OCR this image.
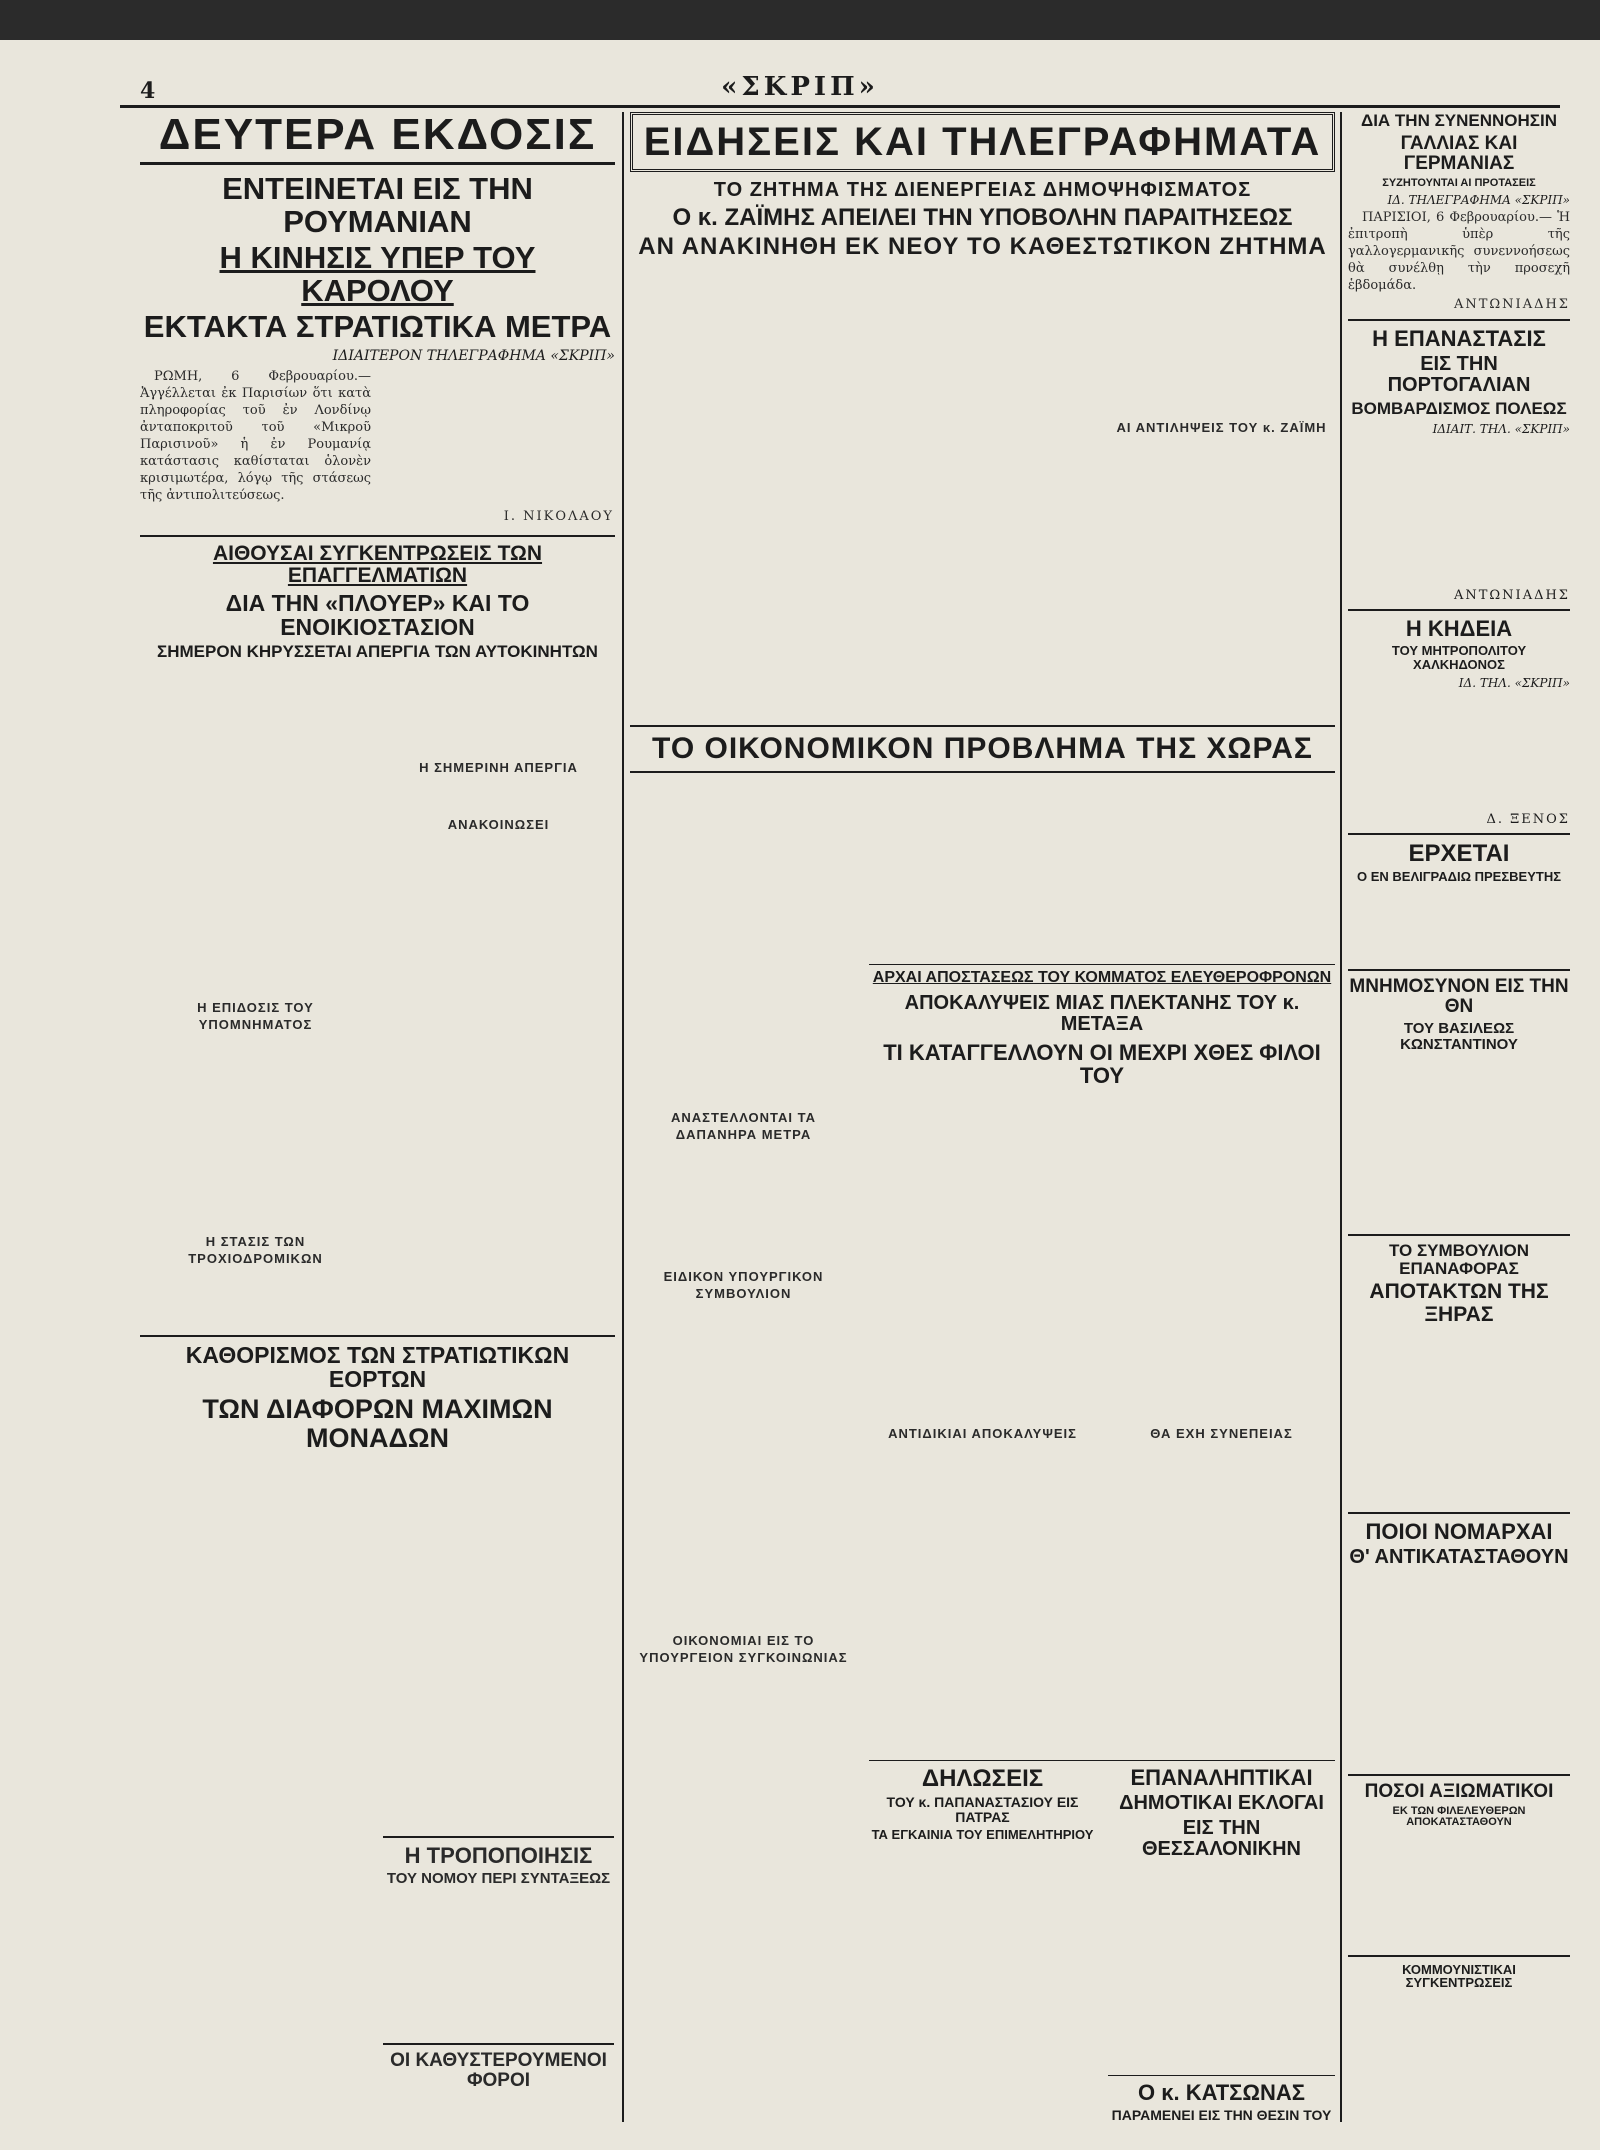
4	«ΣΚΡΙΠ»
ΔΕΥΤΕΡΑ ΕΚΔΟΣΙΣ
ΕΝΤΕΙΝΕΤΑΙ ΕΙΣ ΤΗΝ ΡΟΥΜΑΝΙΑΝ
Η ΚΙΝΗΣΙΣ ΥΠΕΡ ΤΟΥ ΚΑΡΟΛΟΥ
ΕΚΤΑΚΤΑ ΣΤΡΑΤΙΩΤΙΚΑ ΜΕΤΡΑ
ΙΔΙΑΙΤΕΡΟΝ ΤΗΛΕΓΡΑΦΗΜΑ «ΣΚΡΙΠ»

ΡΩΜΗ, 6 Φεβρουαρίου.— Ἀγγέλλεται ἐκ Παρισίων ὅτι κατὰ πληροφορίας τοῦ ἐν Λονδίνῳ ἀνταποκριτοῦ τοῦ «Μικροῦ Παρισινοῦ» ἡ ἐν Ρουμανίᾳ κατάστασις καθίσταται ὁλονὲν κρισιμωτέρα, λόγῳ τῆς στάσεως τῆς ἀντιπολιτεύσεως.

Ι. ΝΙΚΟΛΑΟΥ
ΑΙΘΟΥΣΑΙ ΣΥΓΚΕΝΤΡΩΣΕΙΣ ΤΩΝ ΕΠΑΓΓΕΛΜΑΤΙΩΝ
ΔΙΑ ΤΗΝ «ΠΛΟΥΕΡ» ΚΑΙ ΤΟ ΕΝΟΙΚΙΟΣΤΑΣΙΟΝ
ΣΗΜΕΡΟΝ ΚΗΡΥΣΣΕΤΑΙ ΑΠΕΡΓΙΑ ΤΩΝ ΑΥΤΟΚΙΝΗΤΩΝ
Η ΕΠΙΔΟΣΙΣ ΤΟΥ ΥΠΟΜΝΗΜΑΤΟΣ
Η ΣΤΑΣΙΣ ΤΩΝ ΤΡΟΧΙΟΔΡΟΜΙΚΩΝ
Η ΣΗΜΕΡΙΝΗ ΑΠΕΡΓΙΑ
ΑΝΑΚΟΙΝΩΣΕΙ
ΚΑΘΟΡΙΣΜΟΣ ΤΩΝ ΣΤΡΑΤΙΩΤΙΚΩΝ ΕΟΡΤΩΝ
ΤΩΝ ΔΙΑΦΟΡΩΝ ΜΑΧΙΜΩΝ ΜΟΝΑΔΩΝ
Η ΤΡΟΠΟΠΟΙΗΣΙΣ
ΤΟΥ ΝΟΜΟΥ ΠΕΡΙ ΣΥΝΤΑΞΕΩΣ
ΟΙ ΚΑΘΥΣΤΕΡΟΥΜΕΝΟΙ ΦΟΡΟΙ
ΕΙΔΗΣΕΙΣ ΚΑΙ ΤΗΛΕΓΡΑΦΗΜΑΤΑ
ΤΟ ΖΗΤΗΜΑ ΤΗΣ ΔΙΕΝΕΡΓΕΙΑΣ ΔΗΜΟΨΗΦΙΣΜΑΤΟΣ
Ο κ. ΖΑΪΜΗΣ ΑΠΕΙΛΕΙ ΤΗΝ ΥΠΟΒΟΛΗΝ ΠΑΡΑΙΤΗΣΕΩΣ
ΑΝ ΑΝΑΚΙΝΗΘΗ ΕΚ ΝΕΟΥ ΤΟ ΚΑΘΕΣΤΩΤΙΚΟΝ ΖΗΤΗΜΑ
ΑΙ ΑΝΤΙΛΗΨΕΙΣ ΤΟΥ κ. ΖΑΪΜΗ
ΤΟ ΟΙΚΟΝΟΜΙΚΟΝ ΠΡΟΒΛΗΜΑ ΤΗΣ ΧΩΡΑΣ
ΑΝΑΣΤΕΛΛΟΝΤΑΙ ΤΑ ΔΑΠΑΝΗΡΑ ΜΕΤΡΑ
ΕΙΔΙΚΟΝ ΥΠΟΥΡΓΙΚΟΝ ΣΥΜΒΟΥΛΙΟΝ
ΟΙΚΟΝΟΜΙΑΙ ΕΙΣ ΤΟ ΥΠΟΥΡΓΕΙΟΝ ΣΥΓΚΟΙΝΩΝΙΑΣ
ΑΡΧΑΙ ΑΠΟΣΤΑΣΕΩΣ ΤΟΥ ΚΟΜΜΑΤΟΣ ΕΛΕΥΘΕΡΟΦΡΟΝΩΝ
ΑΠΟΚΑΛΥΨΕΙΣ ΜΙΑΣ ΠΛΕΚΤΑΝΗΣ ΤΟΥ κ. ΜΕΤΑΞΑ
ΤΙ ΚΑΤΑΓΓΕΛΛΟΥΝ ΟΙ ΜΕΧΡΙ ΧΘΕΣ ΦΙΛΟΙ ΤΟΥ
ΑΝΤΙΔΙΚΙΑΙ ΑΠΟΚΑΛΥΨΕΙΣ	ΘΑ ΕΧΗ ΣΥΝΕΠΕΙΑΣ
ΔΗΛΩΣΕΙΣ
ΤΟΥ κ. ΠΑΠΑΝΑΣΤΑΣΙΟΥ ΕΙΣ ΠΑΤΡΑΣ
ΤΑ ΕΓΚΑΙΝΙΑ ΤΟΥ ΕΠΙΜΕΛΗΤΗΡΙΟΥ
ΕΠΑΝΑΛΗΠΤΙΚΑΙ
ΔΗΜΟΤΙΚΑΙ ΕΚΛΟΓΑΙ
ΕΙΣ ΤΗΝ ΘΕΣΣΑΛΟΝΙΚΗΝ
Ο κ. ΚΑΤΣΩΝΑΣ
ΠΑΡΑΜΕΝΕΙ ΕΙΣ ΤΗΝ ΘΕΣΙΝ ΤΟΥ
ΔΙΑ ΤΗΝ ΣΥΝΕΝΝΟΗΣΙΝ
ΓΑΛΛΙΑΣ ΚΑΙ ΓΕΡΜΑΝΙΑΣ
ΣΥΖΗΤΟΥΝΤΑΙ ΑΙ ΠΡΟΤΑΣΕΙΣ
ΙΔ. ΤΗΛΕΓΡΑΦΗΜΑ «ΣΚΡΙΠ»

ΠΑΡΙΣΙΟΙ, 6 Φεβρουαρίου.— Ἡ ἐπιτροπὴ ὑπὲρ τῆς γαλλογερμανικῆς συνεννοήσεως θὰ συνέλθῃ τὴν προσεχῆ ἑβδομάδα.

ΑΝΤΩΝΙΑΔΗΣ
Η ΕΠΑΝΑΣΤΑΣΙΣ
ΕΙΣ ΤΗΝ ΠΟΡΤΟΓΑΛΙΑΝ
ΒΟΜΒΑΡΔΙΣΜΟΣ ΠΟΛΕΩΣ
ΙΔΙΑΙΤ. ΤΗΛ. «ΣΚΡΙΠ»
ΑΝΤΩΝΙΑΔΗΣ
Η ΚΗΔΕΙΑ
ΤΟΥ ΜΗΤΡΟΠΟΛΙΤΟΥ ΧΑΛΚΗΔΟΝΟΣ
ΙΔ. ΤΗΛ. «ΣΚΡΙΠ»
Δ. ΞΕΝΟΣ
ΕΡΧΕΤΑΙ
Ο ΕΝ ΒΕΛΙΓΡΑΔΙΩ ΠΡΕΣΒΕΥΤΗΣ
ΜΝΗΜΟΣΥΝΟΝ ΕΙΣ ΤΗΝ ΘΝ
ΤΟΥ ΒΑΣΙΛΕΩΣ ΚΩΝΣΤΑΝΤΙΝΟΥ
ΤΟ ΣΥΜΒΟΥΛΙΟΝ ΕΠΑΝΑΦΟΡΑΣ
ΑΠΟΤΑΚΤΩΝ ΤΗΣ ΞΗΡΑΣ
ΠΟΙΟΙ ΝΟΜΑΡΧΑΙ
Θ' ΑΝΤΙΚΑΤΑΣΤΑΘΟΥΝ
ΠΟΣΟΙ ΑΞΙΩΜΑΤΙΚΟΙ
ΕΚ ΤΩΝ ΦΙΛΕΛΕΥΘΕΡΩΝ ΑΠΟΚΑΤΑΣΤΑΘΟΥΝ
ΚΟΜΜΟΥΝΙΣΤΙΚΑΙ ΣΥΓΚΕΝΤΡΩΣΕΙΣ
